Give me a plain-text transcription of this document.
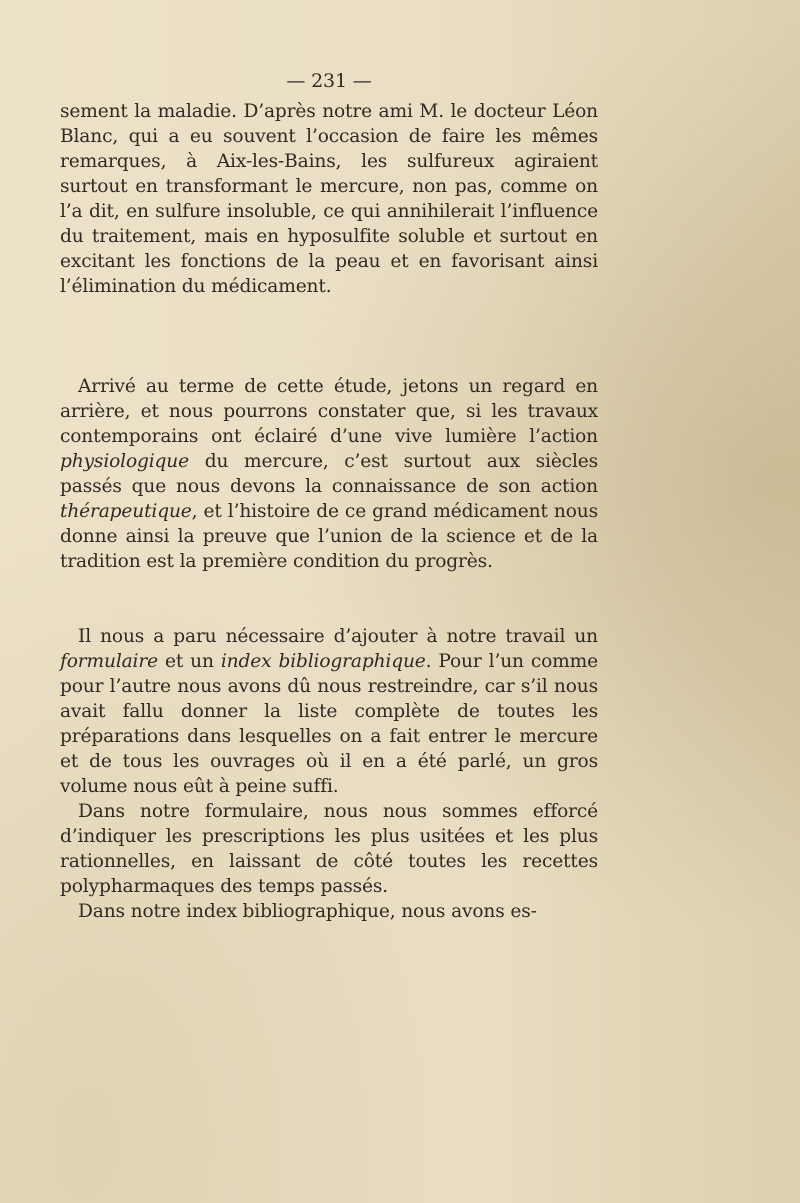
— 231 —

sement la maladie. D’après notre ami M. le docteur Léon Blanc, qui a eu souvent l’occasion de faire les mêmes remarques, à Aix-les-Bains, les sulfureux agiraient surtout en transformant le mercure, non pas, comme on l’a dit, en sulfure insoluble, ce qui annihilerait l’influence du traitement, mais en hyposulfite soluble et surtout en excitant les fonctions de la peau et en favorisant ainsi l’élimination du médicament.

Arrivé au terme de cette étude, jetons un regard en arrière, et nous pourrons constater que, si les travaux contemporains ont éclairé d’une vive lumière l’action physiologique du mercure, c’est surtout aux siècles passés que nous devons la connaissance de son action thérapeutique, et l’histoire de ce grand médicament nous donne ainsi la preuve que l’union de la science et de la tradition est la première condition du progrès.

Il nous a paru nécessaire d’ajouter à notre travail un formulaire et un index bibliographique. Pour l’un comme pour l’autre nous avons dû nous restreindre, car s’il nous avait fallu donner la liste complète de toutes les préparations dans lesquelles on a fait entrer le mercure et de tous les ouvrages où il en a été parlé, un gros volume nous eût à peine suffi.

Dans notre formulaire, nous nous sommes efforcé d’indiquer les prescriptions les plus usitées et les plus rationnelles, en laissant de côté toutes les recettes polypharmaques des temps passés.

Dans notre index bibliographique, nous avons es-
